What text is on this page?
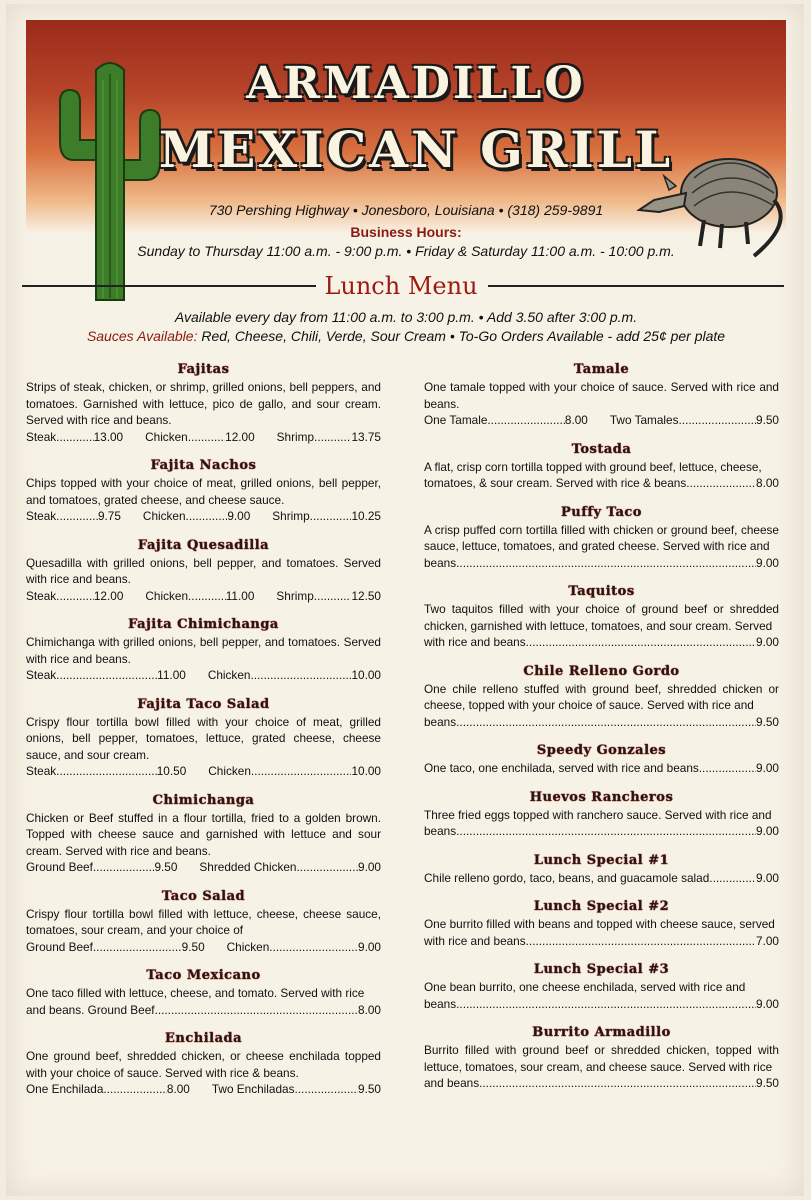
ARMADILLO
MEXICAN GRILL
730 Pershing Highway • Jonesboro, Louisiana • (318) 259-9891
Business Hours:
Sunday to Thursday 11:00 a.m. - 9:00 p.m. • Friday & Saturday 11:00 a.m. - 10:00 p.m.
Lunch Menu
Available every day from 11:00 a.m. to 3:00 p.m. • Add 3.50 after 3:00 p.m.
Sauces Available: Red, Cheese, Chili, Verde, Sour Cream • To-Go Orders Available - add 25¢ per plate
Fajitas
Strips of steak, chicken, or shrimp, grilled onions, bell peppers, and tomatoes. Garnished with lettuce, pico de gallo, and sour cream. Served with rice and beans.
Steak .....	13.00 Chicken .....	12.00 Shrimp .....	13.75
Fajita Nachos
Chips topped with your choice of meat, grilled onions, bell pepper, and tomatoes, grated cheese, and cheese sauce.
Steak .....	9.75 Chicken .....	9.00 Shrimp .....	10.25
Fajita Quesadilla
Quesadilla with grilled onions, bell pepper, and tomatoes. Served with rice and beans.
Steak .....	12.00 Chicken .....	11.00 Shrimp .....	12.50
Fajita Chimichanga
Chimichanga with grilled onions, bell pepper, and tomatoes. Served with rice and beans.
Steak .....	11.00 Chicken .....	10.00
Fajita Taco Salad
Crispy flour tortilla bowl filled with your choice of meat, grilled onions, bell pepper, tomatoes, lettuce, grated cheese, cheese sauce, and sour cream.
Steak .....	10.50 Chicken .....	10.00
Chimichanga
Chicken or Beef stuffed in a flour tortilla, fried to a golden brown. Topped with cheese sauce and garnished with lettuce and sour cream. Served with rice and beans.
Ground Beef .....	9.50 Shredded Chicken .....	9.00
Taco Salad
Crispy flour tortilla bowl filled with lettuce, cheese, cheese sauce, tomatoes, sour cream, and your choice of
Ground Beef .....	9.50 Chicken .....	9.00
Taco Mexicano
One taco filled with lettuce, cheese, and tomato. Served with rice
and beans. Ground Beef .....	8.00
Enchilada
One ground beef, shredded chicken, or cheese enchilada topped with your choice of sauce. Served with rice & beans.
One Enchilada .....	8.00 Two Enchiladas .....	9.50
Tamale
One tamale topped with your choice of sauce. Served with rice and beans.
One Tamale .....	8.00 Two Tamales .....	9.50
Tostada
A flat, crisp corn tortilla topped with ground beef, lettuce, cheese,
tomatoes, & sour cream. Served with rice & beans .....	8.00
Puffy Taco
A crisp puffed corn tortilla filled with chicken or ground beef, cheese sauce, lettuce, tomatoes, and grated cheese. Served with rice and
beans .....	9.00
Taquitos
Two taquitos filled with your choice of ground beef or shredded chicken, garnished with lettuce, tomatoes, and sour cream. Served
with rice and beans .....	9.00
Chile Relleno Gordo
One chile relleno stuffed with ground beef, shredded chicken or cheese, topped with your choice of sauce. Served with rice and
beans .....	9.50
Speedy Gonzales
One taco, one enchilada, served with rice and beans .....	9.00
Huevos Rancheros
Three fried eggs topped with ranchero sauce. Served with rice and
beans .....	9.00
Lunch Special #1
Chile relleno gordo, taco, beans, and guacamole salad. .....	9.00
Lunch Special #2
One burrito filled with beans and topped with cheese sauce, served
with rice and beans .....	7.00
Lunch Special #3
One bean burrito, one cheese enchilada, served with rice and
beans .....	9.00
Burrito Armadillo
Burrito filled with ground beef or shredded chicken, topped with lettuce, tomatoes, sour cream, and cheese sauce. Served with rice
and beans .....	9.50
